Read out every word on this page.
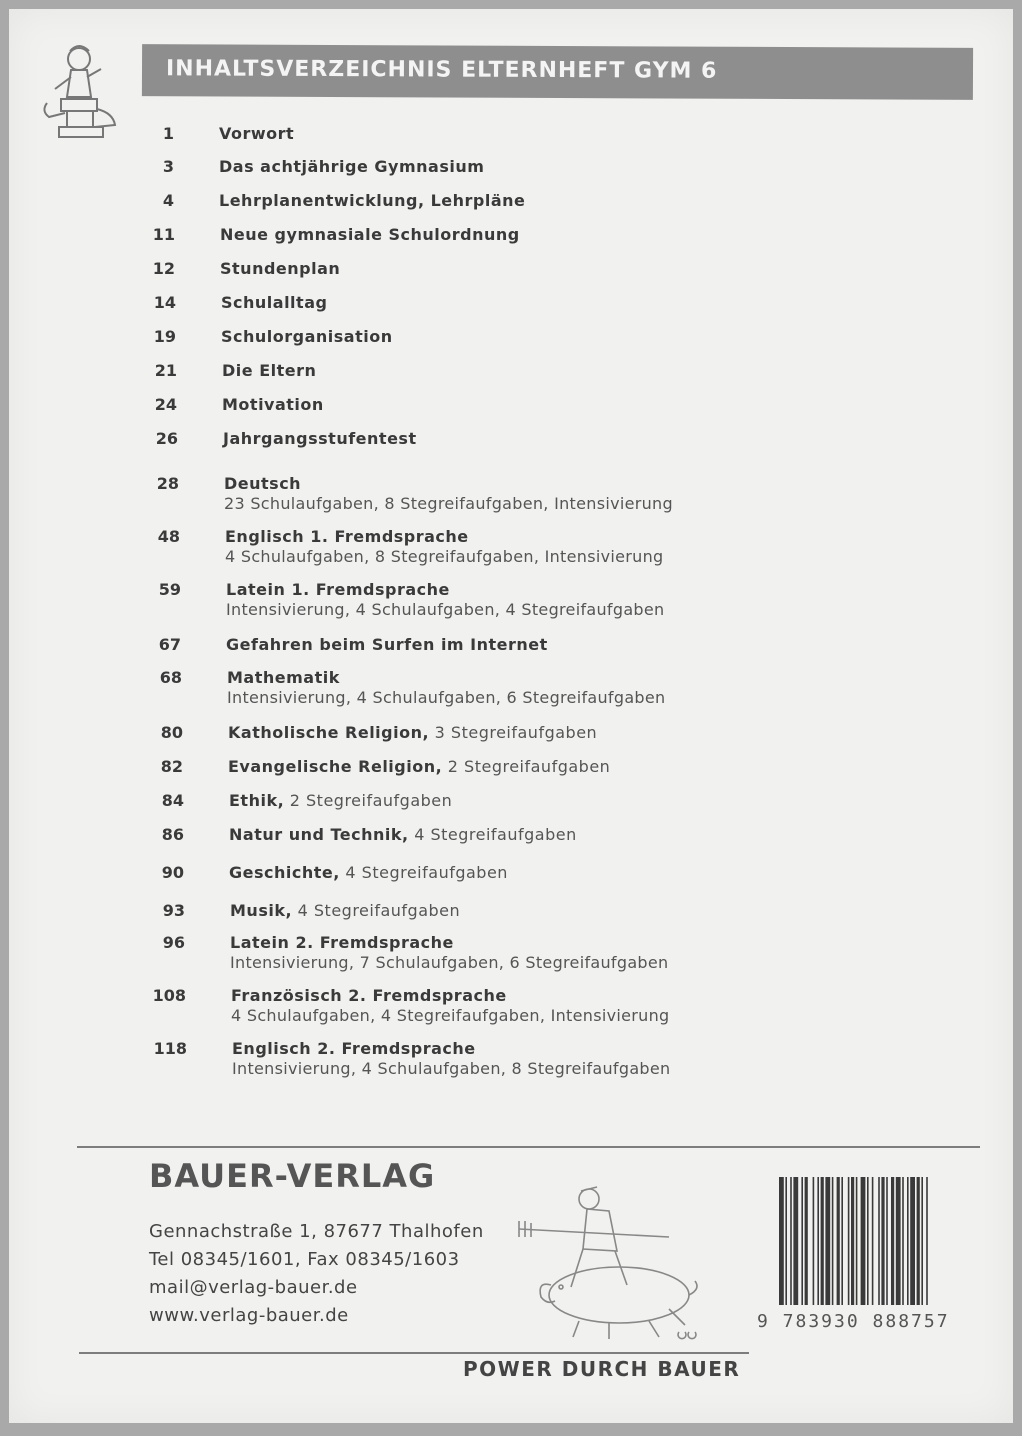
INHALTSVERZEICHNIS ELTERNHEFT GYM 6
1	Vorwort
3	Das achtjährige Gymnasium
4	Lehrplanentwicklung, Lehrpläne
11	Neue gymnasiale Schulordnung
12	Stundenplan
14	Schulalltag
19	Schulorganisation
21	Die Eltern
24	Motivation
26	Jahrgangsstufentest
28	Deutsch
23 Schulaufgaben, 8 Stegreifaufgaben, Intensivierung
48	Englisch 1. Fremdsprache
4 Schulaufgaben, 8 Stegreifaufgaben, Intensivierung
59	Latein 1. Fremdsprache
Intensivierung, 4 Schulaufgaben, 4 Stegreifaufgaben
67	Gefahren beim Surfen im Internet
68	Mathematik
Intensivierung, 4 Schulaufgaben, 6 Stegreifaufgaben
80	Katholische Religion, 3 Stegreifaufgaben
82	Evangelische Religion, 2 Stegreifaufgaben
84	Ethik, 2 Stegreifaufgaben
86	Natur und Technik, 4 Stegreifaufgaben
90	Geschichte, 4 Stegreifaufgaben
93	Musik, 4 Stegreifaufgaben
96	Latein 2. Fremdsprache
Intensivierung, 7 Schulaufgaben, 6 Stegreifaufgaben
108	Französisch 2. Fremdsprache
4 Schulaufgaben, 4 Stegreifaufgaben, Intensivierung
118	Englisch 2. Fremdsprache
Intensivierung, 4 Schulaufgaben, 8 Stegreifaufgaben
BAUER-VERLAG
Gennachstraße 1, 87677 Thalhofen
Tel 08345/1601, Fax 08345/1603
mail@verlag-bauer.de
www.verlag-bauer.de	9 783930 888757
POWER DURCH BAUER
